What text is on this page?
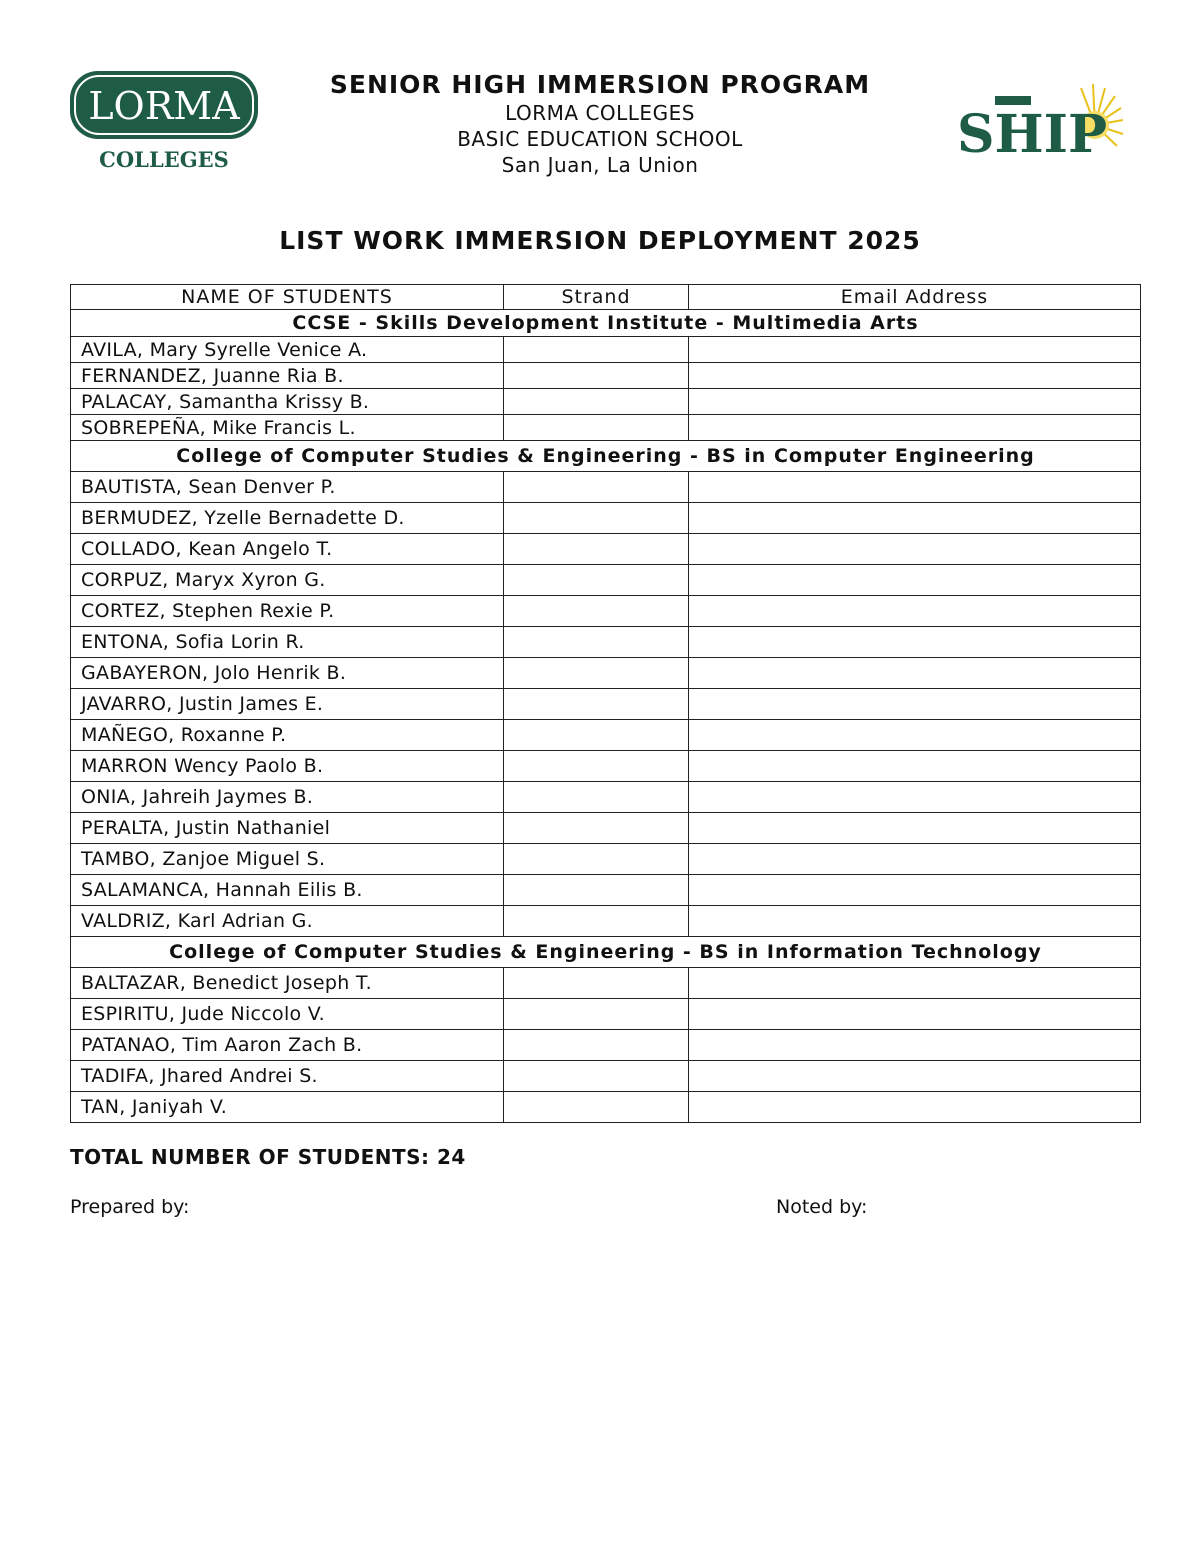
LORMA
COLLEGES	SHIP
SENIOR HIGH IMMERSION PROGRAM
LORMA COLLEGES
BASIC EDUCATION SCHOOL
San Juan, La Union
LIST WORK IMMERSION DEPLOYMENT 2025
NAME OF STUDENTS	Strand	Email Address
CCSE - Skills Development Institute - Multimedia Arts		
AVILA, Mary Syrelle Venice A.		
FERNANDEZ, Juanne Ria B.		
PALACAY, Samantha Krissy B.		
SOBREPEÑA, Mike Francis L.		
College of Computer Studies & Engineering - BS in Computer Engineering		
BAUTISTA, Sean Denver P.		
BERMUDEZ, Yzelle Bernadette D.		
COLLADO, Kean Angelo T.		
CORPUZ, Maryx Xyron G.		
CORTEZ, Stephen Rexie P.		
ENTONA, Sofia Lorin R.		
GABAYERON, Jolo Henrik B.		
JAVARRO, Justin James E.		
MAÑEGO, Roxanne P.		
MARRON Wency Paolo B.		
ONIA, Jahreih Jaymes B.		
PERALTA, Justin Nathaniel		
TAMBO, Zanjoe Miguel S.		
SALAMANCA, Hannah Eilis B.		
VALDRIZ, Karl Adrian G.		
College of Computer Studies & Engineering - BS in Information Technology		
BALTAZAR, Benedict Joseph T.		
ESPIRITU, Jude Niccolo V.		
PATANAO, Tim Aaron Zach B.		
TADIFA, Jhared Andrei S.		
TAN, Janiyah V.		
TOTAL NUMBER OF STUDENTS: 24
Prepared by:	Noted by:
